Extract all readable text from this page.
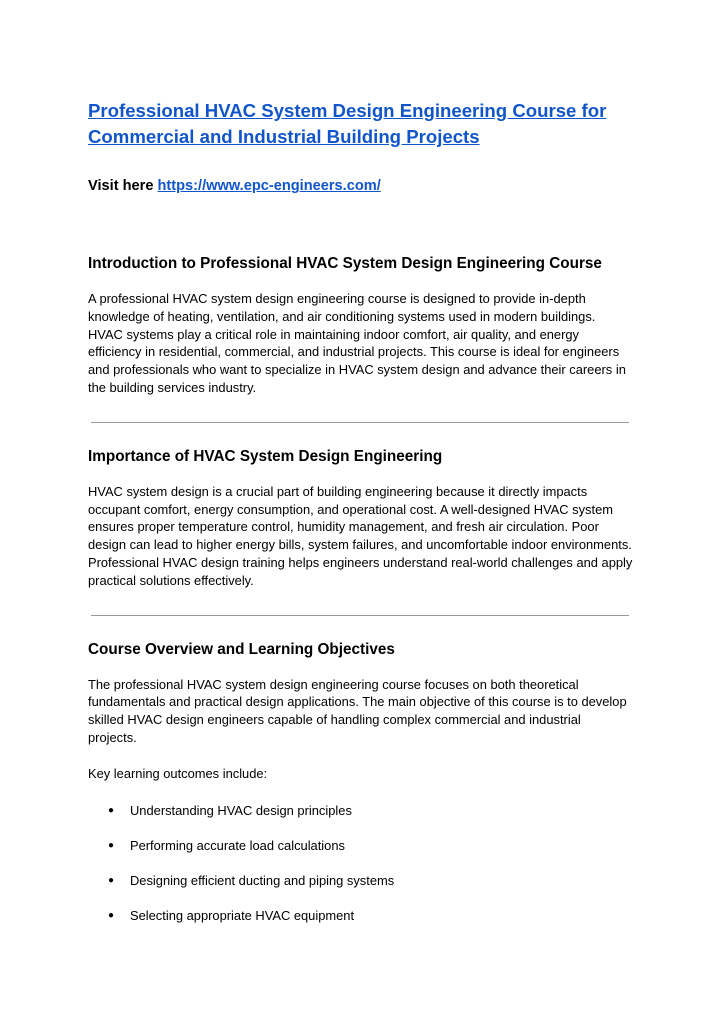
Professional HVAC System Design Engineering Course for Commercial and Industrial Building Projects

Visit here https://www.epc-engineers.com/

Introduction to Professional HVAC System Design Engineering Course

A professional HVAC system design engineering course is designed to provide in-depth knowledge of heating, ventilation, and air conditioning systems used in modern buildings. HVAC systems play a critical role in maintaining indoor comfort, air quality, and energy efficiency in residential, commercial, and industrial projects. This course is ideal for engineers and professionals who want to specialize in HVAC system design and advance their careers in the building services industry.

Importance of HVAC System Design Engineering

HVAC system design is a crucial part of building engineering because it directly impacts occupant comfort, energy consumption, and operational cost. A well-designed HVAC system ensures proper temperature control, humidity management, and fresh air circulation. Poor design can lead to higher energy bills, system failures, and uncomfortable indoor environments. Professional HVAC design training helps engineers understand real-world challenges and apply practical solutions effectively.

Course Overview and Learning Objectives

The professional HVAC system design engineering course focuses on both theoretical fundamentals and practical design applications. The main objective of this course is to develop skilled HVAC design engineers capable of handling complex commercial and industrial projects.

Key learning outcomes include:

● Understanding HVAC design principles
● Performing accurate load calculations
● Designing efficient ducting and piping systems
● Selecting appropriate HVAC equipment
